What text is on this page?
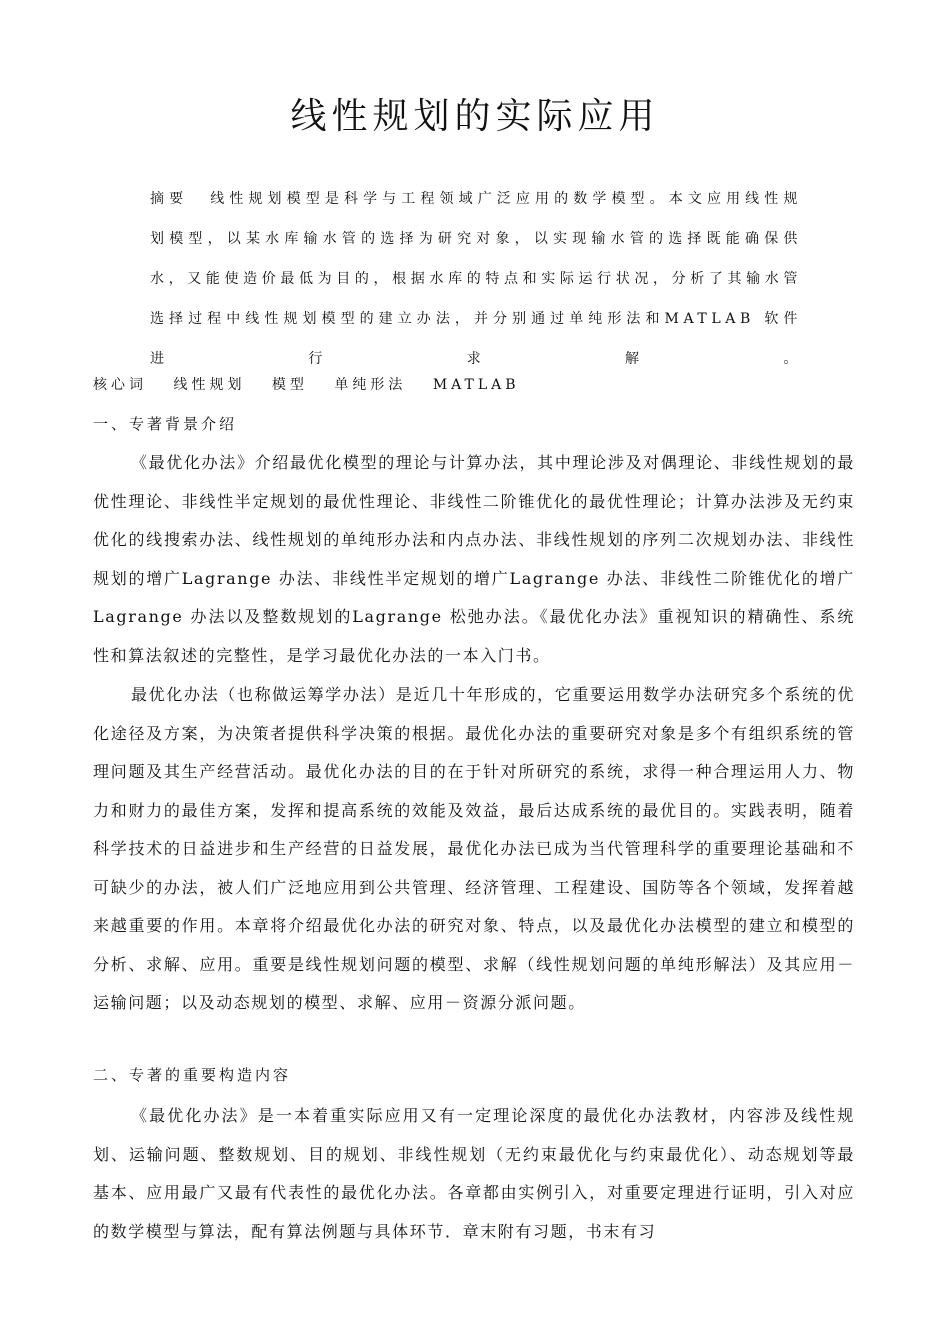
线性规划的实际应用
摘要 线性规划模型是科学与工程领域广泛应用的数学模型。本文应用线性规划模型，以某水库输水管的选择为研究对象，以实现输水管的选择既能确保供水，又能使造价最低为目的，根据水库的特点和实际运行状况，分析了其输水管选择过程中线性规划模型的建立办法，并分别通过单纯形法和MATLAB 软件进行求解。
核心词 线性规划 模型 单纯形法 MATLAB
一、专著背景介绍

《最优化办法》介绍最优化模型的理论与计算办法，其中理论涉及对偶理论、非线性规划的最优性理论、非线性半定规划的最优性理论、非线性二阶锥优化的最优性理论；计算办法涉及无约束优化的线搜索办法、线性规划的单纯形办法和内点办法、非线性规划的序列二次规划办法、非线性规划的增广Lagrange 办法、非线性半定规划的增广Lagrange 办法、非线性二阶锥优化的增广Lagrange 办法以及整数规划的Lagrange 松弛办法。《最优化办法》重视知识的精确性、系统性和算法叙述的完整性，是学习最优化办法的一本入门书。

最优化办法（也称做运筹学办法）是近几十年形成的，它重要运用数学办法研究多个系统的优化途径及方案，为决策者提供科学决策的根据。最优化办法的重要研究对象是多个有组织系统的管理问题及其生产经营活动。最优化办法的目的在于针对所研究的系统，求得一种合理运用人力、物力和财力的最佳方案，发挥和提高系统的效能及效益，最后达成系统的最优目的。实践表明，随着科学技术的日益进步和生产经营的日益发展，最优化办法已成为当代管理科学的重要理论基础和不可缺少的办法，被人们广泛地应用到公共管理、经济管理、工程建设、国防等各个领域，发挥着越来越重要的作用。本章将介绍最优化办法的研究对象、特点，以及最优化办法模型的建立和模型的分析、求解、应用。重要是线性规划问题的模型、求解（线性规划问题的单纯形解法）及其应用－运输问题；以及动态规划的模型、求解、应用－资源分派问题。

二、专著的重要构造内容

《最优化办法》是一本着重实际应用又有一定理论深度的最优化办法教材，内容涉及线性规划、运输问题、整数规划、目的规划、非线性规划（无约束最优化与约束最优化）、动态规划等最基本、应用最广又最有代表性的最优化办法。各章都由实例引入，对重要定理进行证明，引入对应的数学模型与算法，配有算法例题与具体环节．章末附有习题，书末有习
